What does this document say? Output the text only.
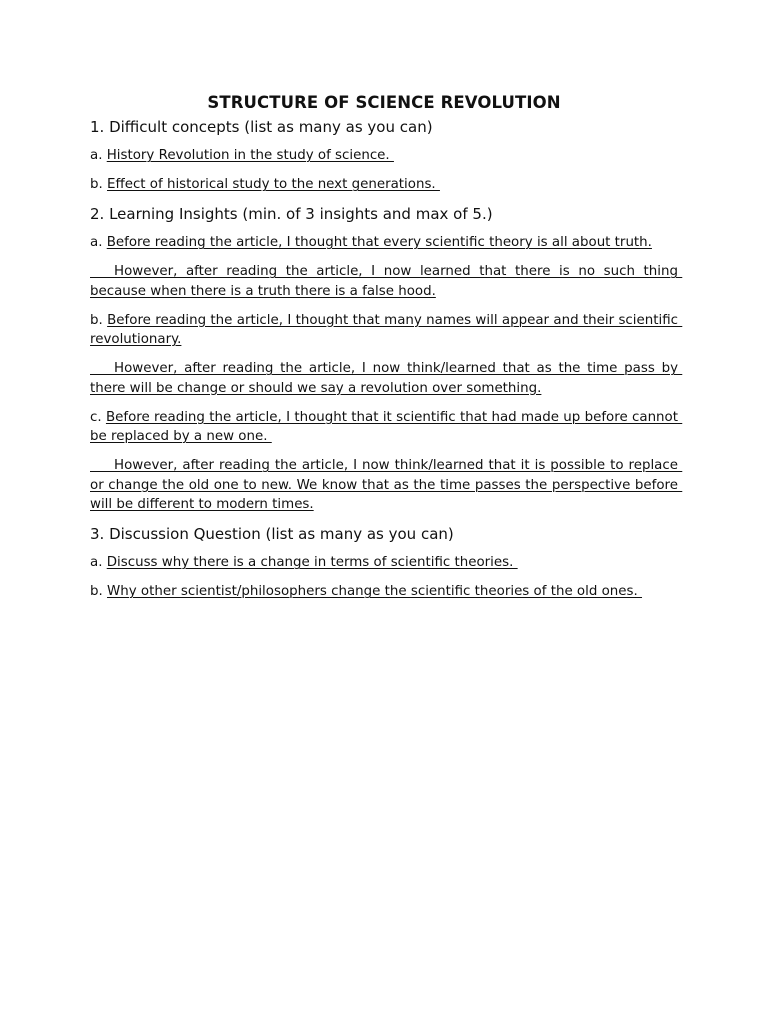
STRUCTURE OF SCIENCE REVOLUTION
1. Difficult concepts (list as many as you can)
a. History Revolution in the study of science.
b. Effect of historical study to the next generations.
2. Learning Insights (min. of 3 insights and max of 5.)
a. Before reading the article, I thought that every scientific theory is all about truth.
However, after reading the article, I now learned that there is no such thing because when there is a truth there is a false hood.
b. Before reading the article, I thought that many names will appear and their scientific revolutionary.
However, after reading the article, I now think/learned that as the time pass by there will be change or should we say a revolution over something.
c. Before reading the article, I thought that it scientific that had made up before cannot be replaced by a new one.
However, after reading the article, I now think/learned that it is possible to replace or change the old one to new. We know that as the time passes the perspective before will be different to modern times.
3. Discussion Question (list as many as you can)
a. Discuss why there is a change in terms of scientific theories.
b. Why other scientist/philosophers change the scientific theories of the old ones.
